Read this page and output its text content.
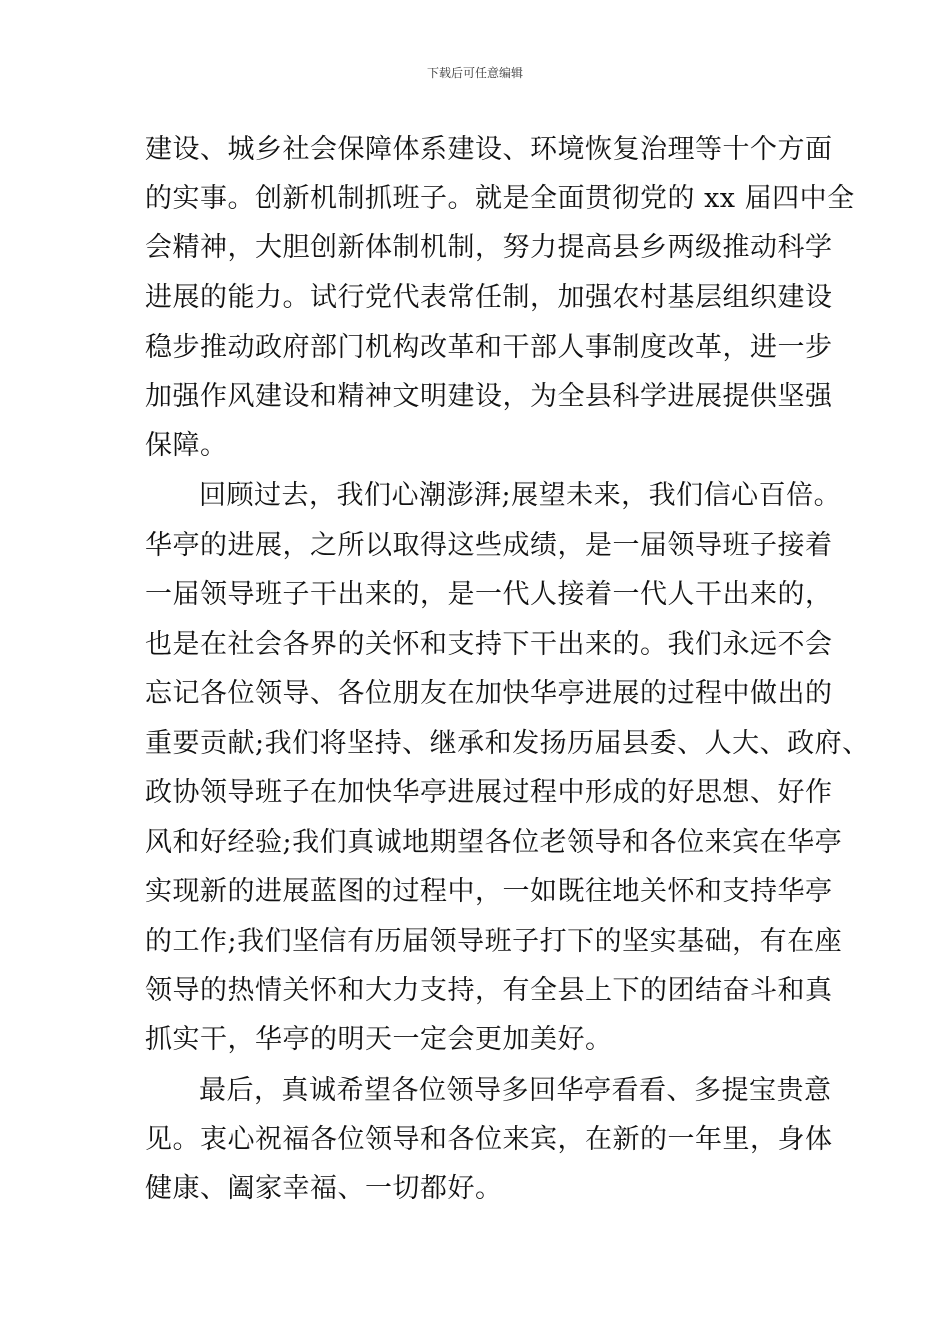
下载后可任意编辑
建设、城乡社会保障体系建设、环境恢复治理等十个方面
的实事。创新机制抓班子。就是全面贯彻党的 xx 届四中全
会精神，大胆创新体制机制，努力提高县乡两级推动科学
进展的能力。试行党代表常任制，加强农村基层组织建设
稳步推动政府部门机构改革和干部人事制度改革，进一步
加强作风建设和精神文明建设，为全县科学进展提供坚强
保障。
回顾过去，我们心潮澎湃;展望未来，我们信心百倍。
华亭的进展，之所以取得这些成绩，是一届领导班子接着
一届领导班子干出来的，是一代人接着一代人干出来的，
也是在社会各界的关怀和支持下干出来的。我们永远不会
忘记各位领导、各位朋友在加快华亭进展的过程中做出的
重要贡献;我们将坚持、继承和发扬历届县委、人大、政府、
政协领导班子在加快华亭进展过程中形成的好思想、好作
风和好经验;我们真诚地期望各位老领导和各位来宾在华亭
实现新的进展蓝图的过程中，一如既往地关怀和支持华亭
的工作;我们坚信有历届领导班子打下的坚实基础，有在座
领导的热情关怀和大力支持，有全县上下的团结奋斗和真
抓实干，华亭的明天一定会更加美好。
最后，真诚希望各位领导多回华亭看看、多提宝贵意
见。衷心祝福各位领导和各位来宾，在新的一年里，身体
健康、阖家幸福、一切都好。
